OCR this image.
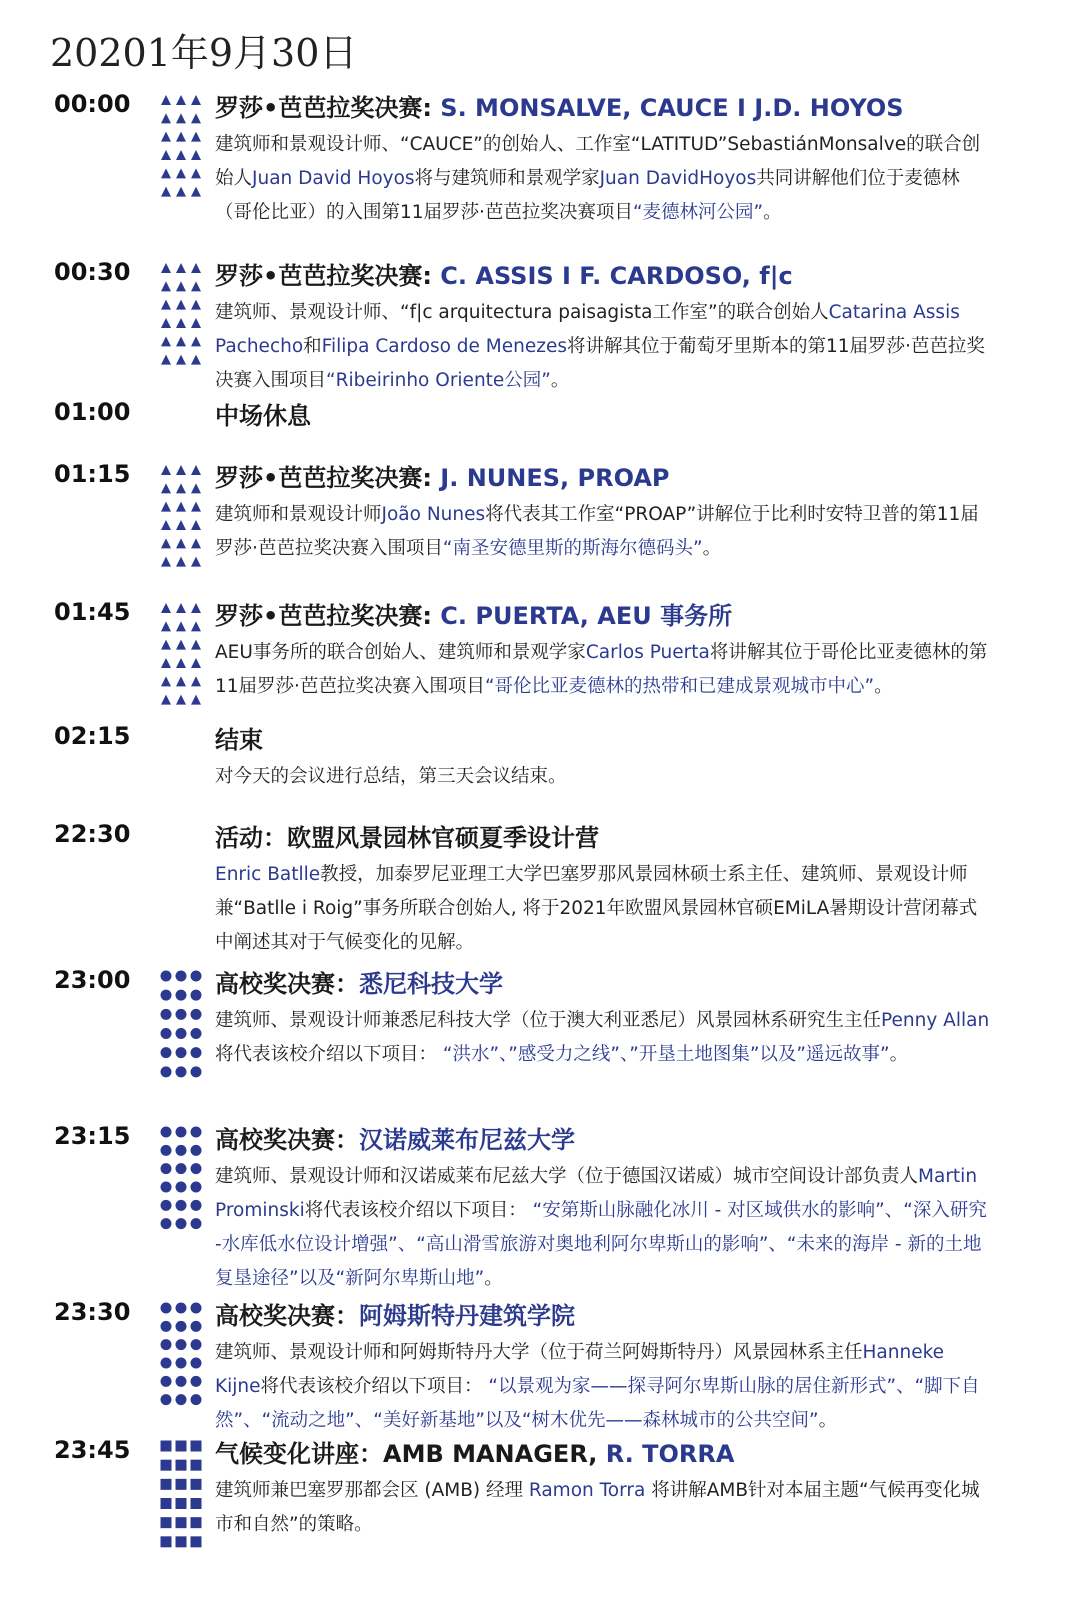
20201年9月30日
00:00	罗莎•芭芭拉奖决赛: S. MONSALVE, CAUCE I J.D. HOYOS
建筑师和景观设计师、“CAUCE”的创始人、工作室“LATITUD”SebastiánMonsalve的联合创始人Juan David Hoyos将与建筑师和景观学家Juan DavidHoyos共同讲解他们位于麦德林（哥伦比亚）的入围第11届罗莎·芭芭拉奖决赛项目“麦德林河公园”。
00:30	罗莎•芭芭拉奖决赛: C. ASSIS I F. CARDOSO, f|c
建筑师、景观设计师、“f|c arquitectura paisagista工作室”的联合创始人Catarina Assis Pachecho和Filipa Cardoso de Menezes将讲解其位于葡萄牙里斯本的第11届罗莎·芭芭拉奖决赛入围项目“Ribeirinho Oriente公园”。
01:00	中场休息
01:15	罗莎•芭芭拉奖决赛: J. NUNES, PROAP
建筑师和景观设计师João Nunes将代表其工作室“PROAP”讲解位于比利时安特卫普的第11届罗莎·芭芭拉奖决赛入围项目“南圣安德里斯的斯海尔德码头”。
01:45	罗莎•芭芭拉奖决赛: C. PUERTA, AEU 事务所
AEU事务所的联合创始人、建筑师和景观学家Carlos Puerta将讲解其位于哥伦比亚麦德林的第11届罗莎·芭芭拉奖决赛入围项目“哥伦比亚麦德林的热带和已建成景观城市中心”。
02:15	结束
对今天的会议进行总结，第三天会议结束。
22:30	活动：欧盟风景园林官硕夏季设计营
Enric Batlle教授，加泰罗尼亚理工大学巴塞罗那风景园林硕士系主任、建筑师、景观设计师兼“Batlle i Roig”事务所联合创始人, 将于2021年欧盟风景园林官硕EMiLA暑期设计营闭幕式中阐述其对于气候变化的见解。
23:00	高校奖决赛：悉尼科技大学
建筑师、景观设计师兼悉尼科技大学（位于澳大利亚悉尼）风景园林系研究生主任Penny Allan将代表该校介绍以下项目： “洪水”、”感受力之线”、”开垦土地图集”以及”遥远故事”。
23:15	高校奖决赛：汉诺威莱布尼兹大学
建筑师、景观设计师和汉诺威莱布尼兹大学（位于德国汉诺威）城市空间设计部负责人Martin Prominski将代表该校介绍以下项目： “安第斯山脉融化冰川 - 对区域供水的影响”、“深入研究 -水库低水位设计增强”、“高山滑雪旅游对奥地利阿尔卑斯山的影响”、“未来的海岸 - 新的土地复垦途径”以及“新阿尔卑斯山地”。
23:30	高校奖决赛：阿姆斯特丹建筑学院
建筑师、景观设计师和阿姆斯特丹大学（位于荷兰阿姆斯特丹）风景园林系主任Hanneke Kijne将代表该校介绍以下项目： “以景观为家——探寻阿尔卑斯山脉的居住新形式”、“脚下自然”、“流动之地”、“美好新基地”以及“树木优先——森林城市的公共空间”。
23:45	气候变化讲座：AMB MANAGER, R. TORRA
建筑师兼巴塞罗那都会区 (AMB) 经理 Ramon Torra 将讲解AMB针对本届主题“气候再变化城市和自然”的策略。
